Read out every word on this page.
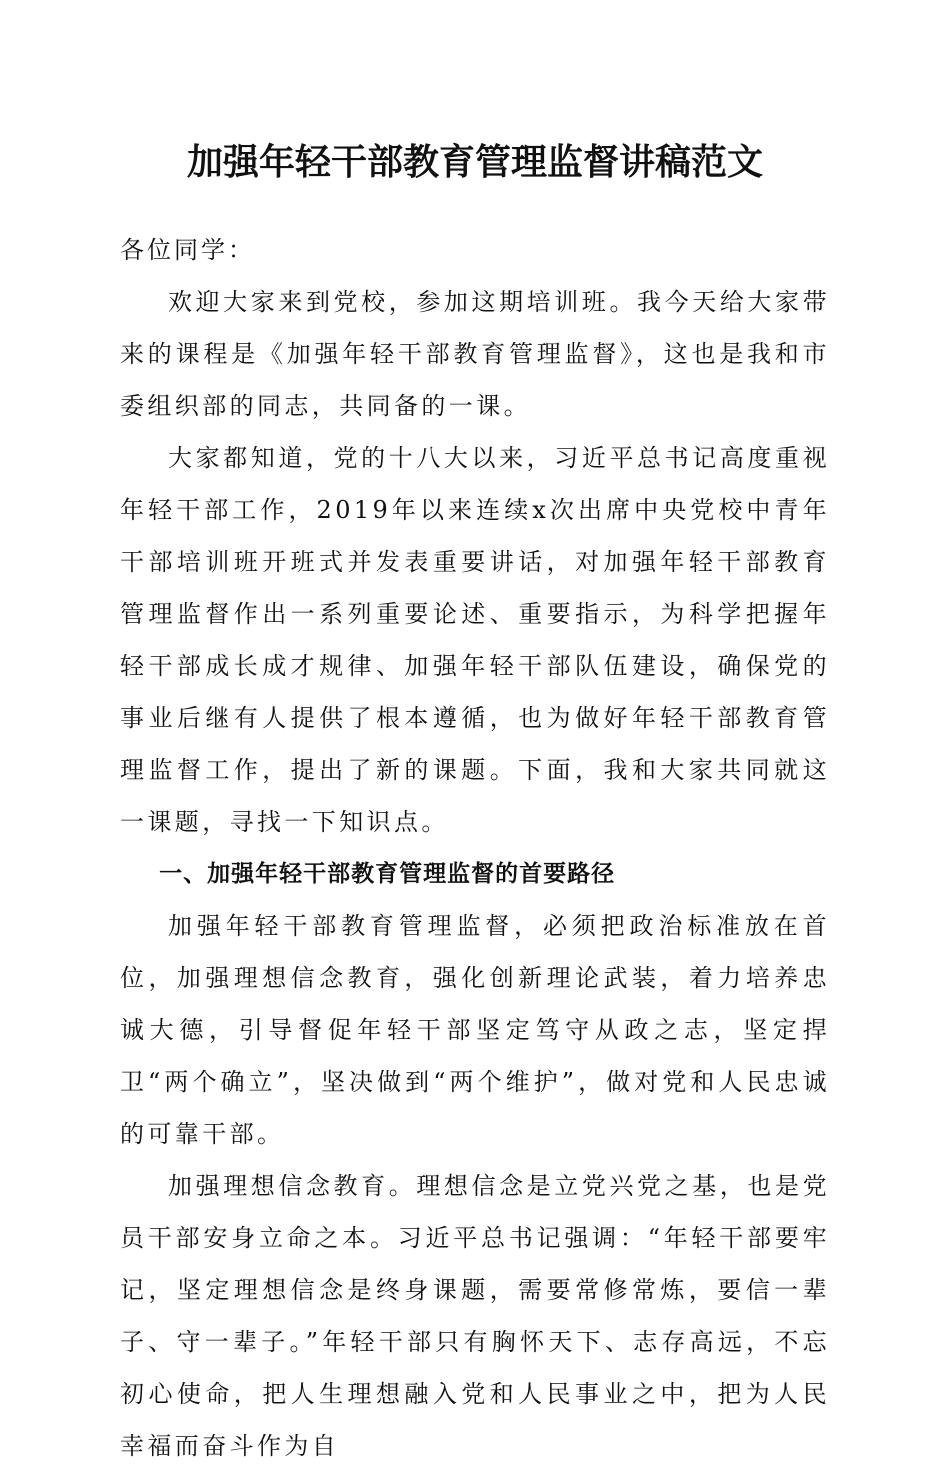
加强年轻干部教育管理监督讲稿范文

各位同学：

欢迎大家来到党校，参加这期培训班。我今天给大家带来的课程是《加强年轻干部教育管理监督》，这也是我和市委组织部的同志，共同备的一课。

大家都知道，党的十八大以来，习近平总书记高度重视年轻干部工作，2019年以来连续x次出席中央党校中青年干部培训班开班式并发表重要讲话，对加强年轻干部教育管理监督作出一系列重要论述、重要指示，为科学把握年轻干部成长成才规律、加强年轻干部队伍建设，确保党的事业后继有人提供了根本遵循，也为做好年轻干部教育管理监督工作，提出了新的课题。下面，我和大家共同就这一课题，寻找一下知识点。

一、加强年轻干部教育管理监督的首要路径

加强年轻干部教育管理监督，必须把政治标准放在首位，加强理想信念教育，强化创新理论武装，着力培养忠诚大德，引导督促年轻干部坚定笃守从政之志，坚定捍卫“两个确立”，坚决做到“两个维护”，做对党和人民忠诚的可靠干部。

加强理想信念教育。理想信念是立党兴党之基，也是党员干部安身立命之本。习近平总书记强调：“年轻干部要牢记，坚定理想信念是终身课题，需要常修常炼，要信一辈子、守一辈子。”年轻干部只有胸怀天下、志存高远，不忘初心使命，把人生理想融入党和人民事业之中，把为人民幸福而奋斗作为自
